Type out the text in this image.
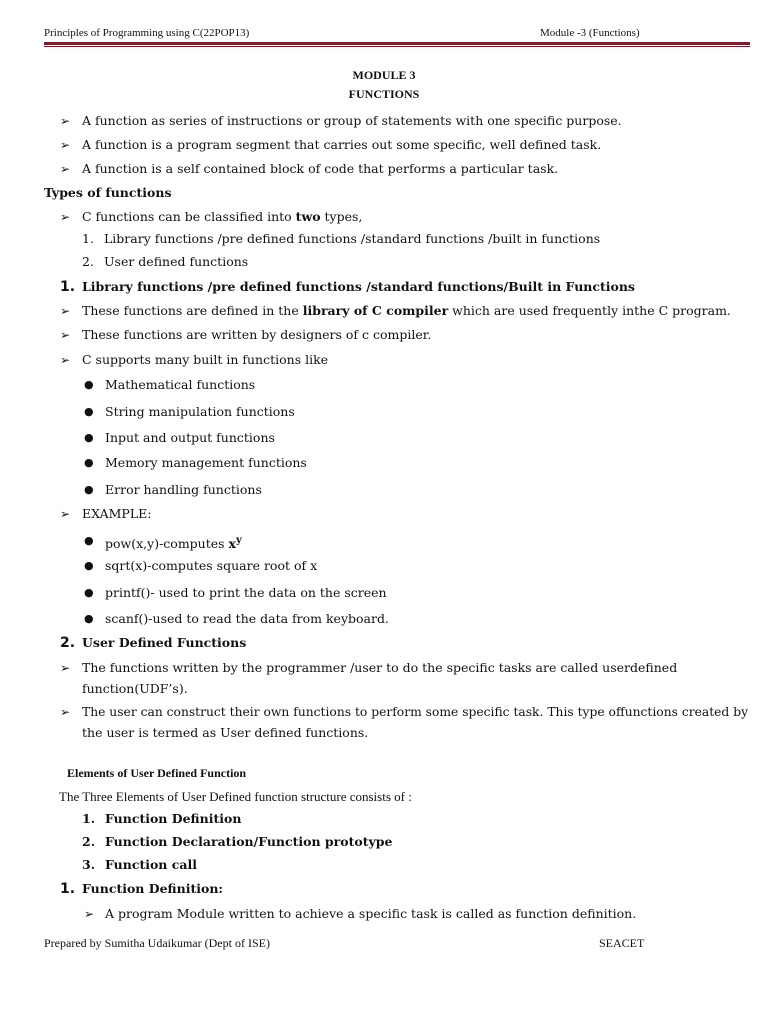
Principles of Programming using C(22POP13)	Module -3 (Functions)
MODULE 3
FUNCTIONS
➢ A function as series of instructions or group of statements with one specific purpose.
➢ A function is a program segment that carries out some specific, well defined task.
➢ A function is a self contained block of code that performs a particular task.
Types of functions
➢ C functions can be classified into two types,
1. Library functions /pre defined functions /standard functions /built in functions
2. User defined functions
1. Library functions /pre defined functions /standard functions/Built in Functions
➢ These functions are defined in the library of C compiler which are used frequently inthe C program.
➢ These functions are written by designers of c compiler.
➢ C supports many built in functions like
● Mathematical functions
● String manipulation functions
● Input and output functions
● Memory management functions
● Error handling functions
➢ EXAMPLE:
● pow(x,y)-computes $x^y$
● sqrt(x)-computes square root of x
● printf()- used to print the data on the screen
● scanf()-used to read the data from keyboard.
2. User Defined Functions
➢ The functions written by the programmer /user to do the specific tasks are called userdefined
function(UDF’s).
➢ The user can construct their own functions to perform some specific task. This type offunctions created by
the user is termed as User defined functions.
Elements of User Defined Function
The Three Elements of User Defined function structure consists of :
1. Function Definition
2. Function Declaration/Function prototype
3. Function call
1. Function Definition:
➢ A program Module written to achieve a specific task is called as function definition.
Prepared by Sumitha Udaikumar (Dept of ISE)	SEACET
